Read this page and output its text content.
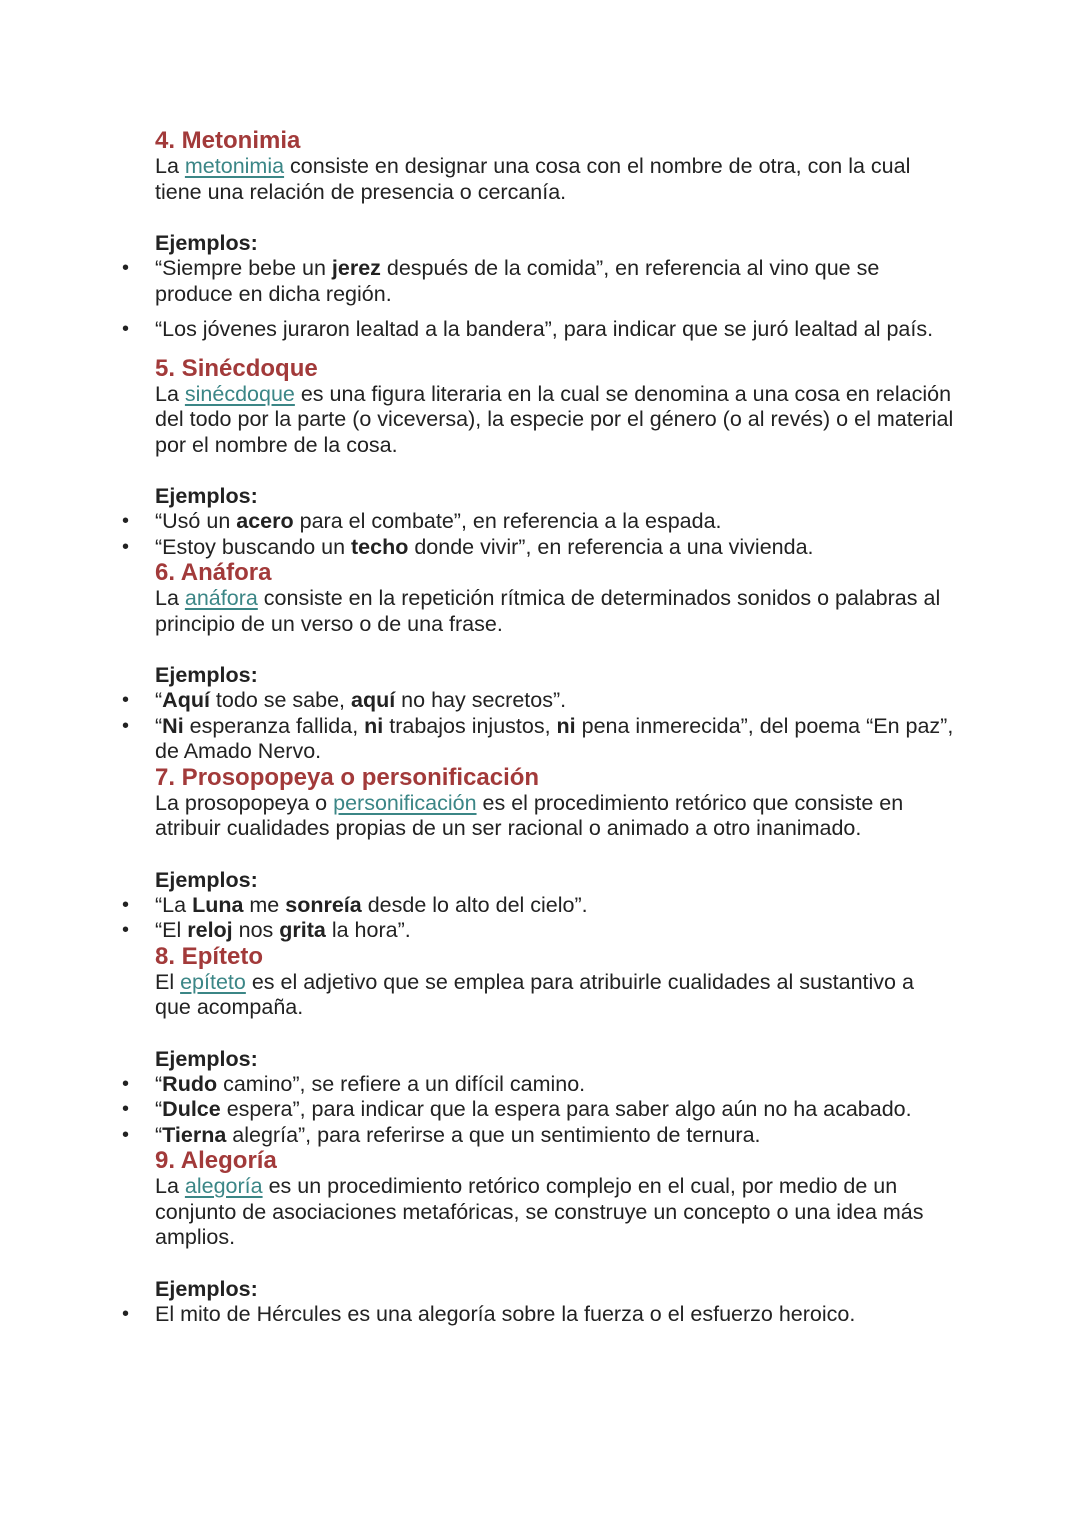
4. Metonimia

La metonimia consiste en designar una cosa con el nombre de otra, con la cual tiene una relación de presencia o cercanía.

Ejemplos:
• “Siempre bebe un jerez después de la comida”, en referencia al vino que se produce en dicha región.
• “Los jóvenes juraron lealtad a la bandera”, para indicar que se juró lealtad al país.
5. Sinécdoque

La sinécdoque es una figura literaria en la cual se denomina a una cosa en relación del todo por la parte (o viceversa), la especie por el género (o al revés) o el material por el nombre de la cosa.

Ejemplos:
• “Usó un acero para el combate”, en referencia a la espada.
• “Estoy buscando un techo donde vivir”, en referencia a una vivienda.
6. Anáfora

La anáfora consiste en la repetición rítmica de determinados sonidos o palabras al principio de un verso o de una frase.

Ejemplos:
• “Aquí todo se sabe, aquí no hay secretos”.
• “Ni esperanza fallida, ni trabajos injustos, ni pena inmerecida”, del poema “En paz”, de Amado Nervo.
7. Prosopopeya o personificación

La prosopopeya o personificación es el procedimiento retórico que consiste en atribuir cualidades propias de un ser racional o animado a otro inanimado.

Ejemplos:
• “La Luna me sonreía desde lo alto del cielo”.
• “El reloj nos grita la hora”.
8. Epíteto

El epíteto es el adjetivo que se emplea para atribuirle cualidades al sustantivo a que acompaña.

Ejemplos:
• “Rudo camino”, se refiere a un difícil camino.
• “Dulce espera”, para indicar que la espera para saber algo aún no ha acabado.
• “Tierna alegría”, para referirse a que un sentimiento de ternura.
9. Alegoría

La alegoría es un procedimiento retórico complejo en el cual, por medio de un conjunto de asociaciones metafóricas, se construye un concepto o una idea más amplios.

Ejemplos:
• El mito de Hércules es una alegoría sobre la fuerza o el esfuerzo heroico.
